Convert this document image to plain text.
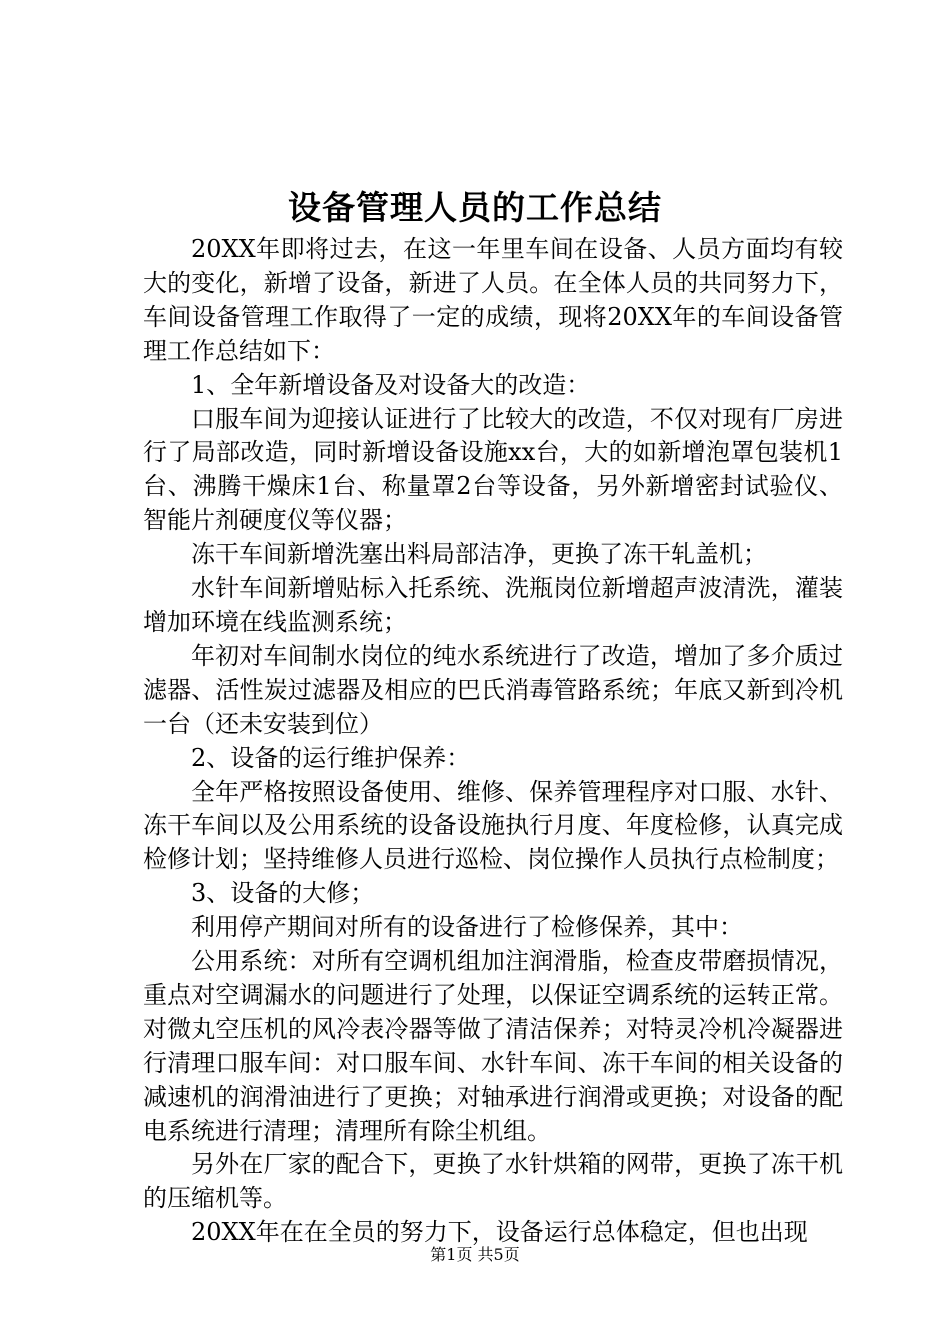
设备管理人员的工作总结

20XX年即将过去，在这一年里车间在设备、人员方面均有较大的变化，新增了设备，新进了人员。在全体人员的共同努力下，车间设备管理工作取得了一定的成绩，现将20XX年的车间设备管理工作总结如下：

1、全年新增设备及对设备大的改造：

口服车间为迎接认证进行了比较大的改造，不仅对现有厂房进行了局部改造，同时新增设备设施xx台，大的如新增泡罩包装机1台、沸腾干燥床1台、称量罩2台等设备，另外新增密封试验仪、智能片剂硬度仪等仪器；

冻干车间新增洗塞出料局部洁净，更换了冻干轧盖机；

水针车间新增贴标入托系统、洗瓶岗位新增超声波清洗，灌装增加环境在线监测系统；

年初对车间制水岗位的纯水系统进行了改造，增加了多介质过滤器、活性炭过滤器及相应的巴氏消毒管路系统；年底又新到冷机一台（还未安装到位）

2、设备的运行维护保养：

全年严格按照设备使用、维修、保养管理程序对口服、水针、冻干车间以及公用系统的设备设施执行月度、年度检修，认真完成检修计划；坚持维修人员进行巡检、岗位操作人员执行点检制度；

3、设备的大修；

利用停产期间对所有的设备进行了检修保养，其中：

公用系统：对所有空调机组加注润滑脂，检查皮带磨损情况，重点对空调漏水的问题进行了处理，以保证空调系统的运转正常。对微丸空压机的风冷表冷器等做了清洁保养；对特灵冷机冷凝器进行清理口服车间：对口服车间、水针车间、冻干车间的相关设备的减速机的润滑油进行了更换；对轴承进行润滑或更换；对设备的配电系统进行清理；清理所有除尘机组。

另外在厂家的配合下，更换了水针烘箱的网带，更换了冻干机的压缩机等。

20XX年在在全员的努力下，设备运行总体稳定，但也出现

第1页 共5页
